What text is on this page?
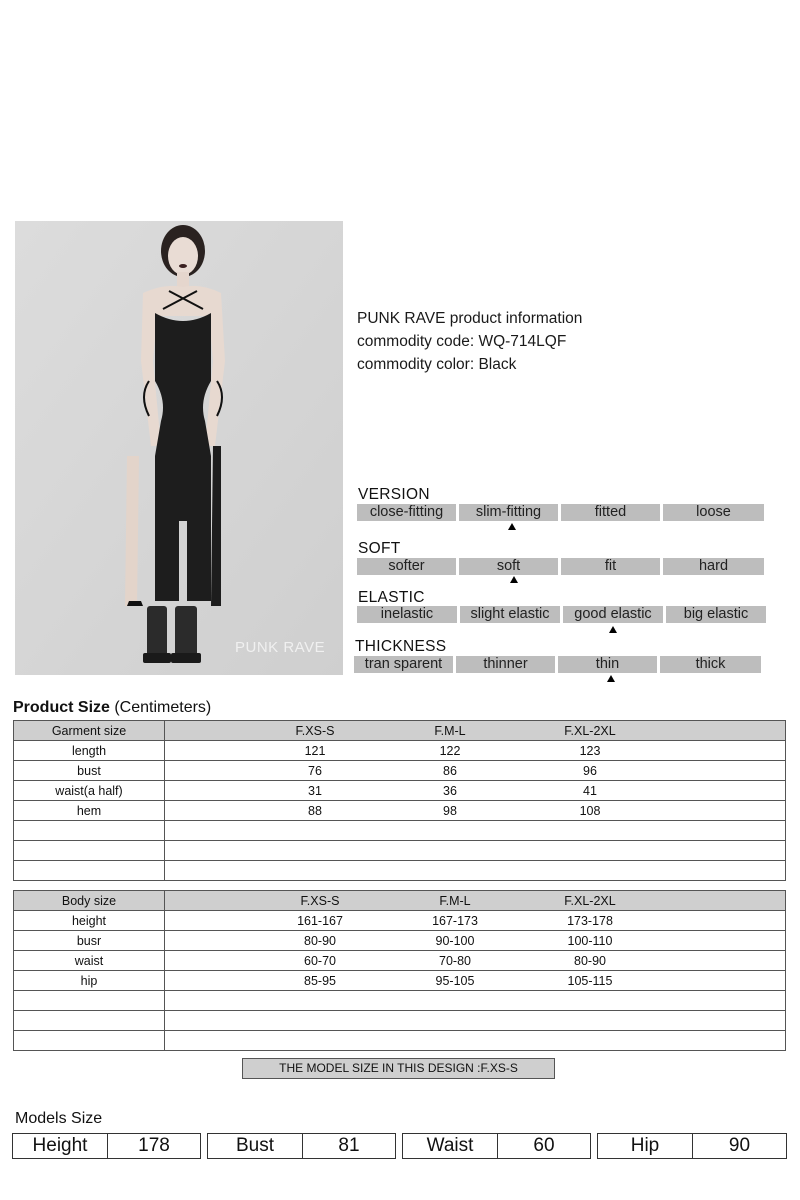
PUNK RAVE
PUNK RAVE product information
commodity code: WQ-714LQF
commodity color: Black
VERSION
close-fitting	slim-fitting	fitted	loose
SOFT
softer	soft	fit	hard
ELASTIC
inelastic	slight elastic	good elastic	big elastic
THICKNESS
tran sparent	thinner	thin	thick
Product Size (Centimeters)
Garment size	F.XS-S F.M-L F.XL-2XL

length	121 122 123

bust	76 86 96

waist(a half)	31 36 41

hem	88 98 108

Body size	F.XS-S F.M-L F.XL-2XL

height	161-167 167-173 173-178

busr	80-90 90-100 100-110

waist	60-70 70-80 80-90

hip	85-95 95-105 105-115

THE MODEL SIZE IN THIS DESIGN :F.XS-S
Models Size
Height	178	Bust	81	Waist	60	Hip	90
